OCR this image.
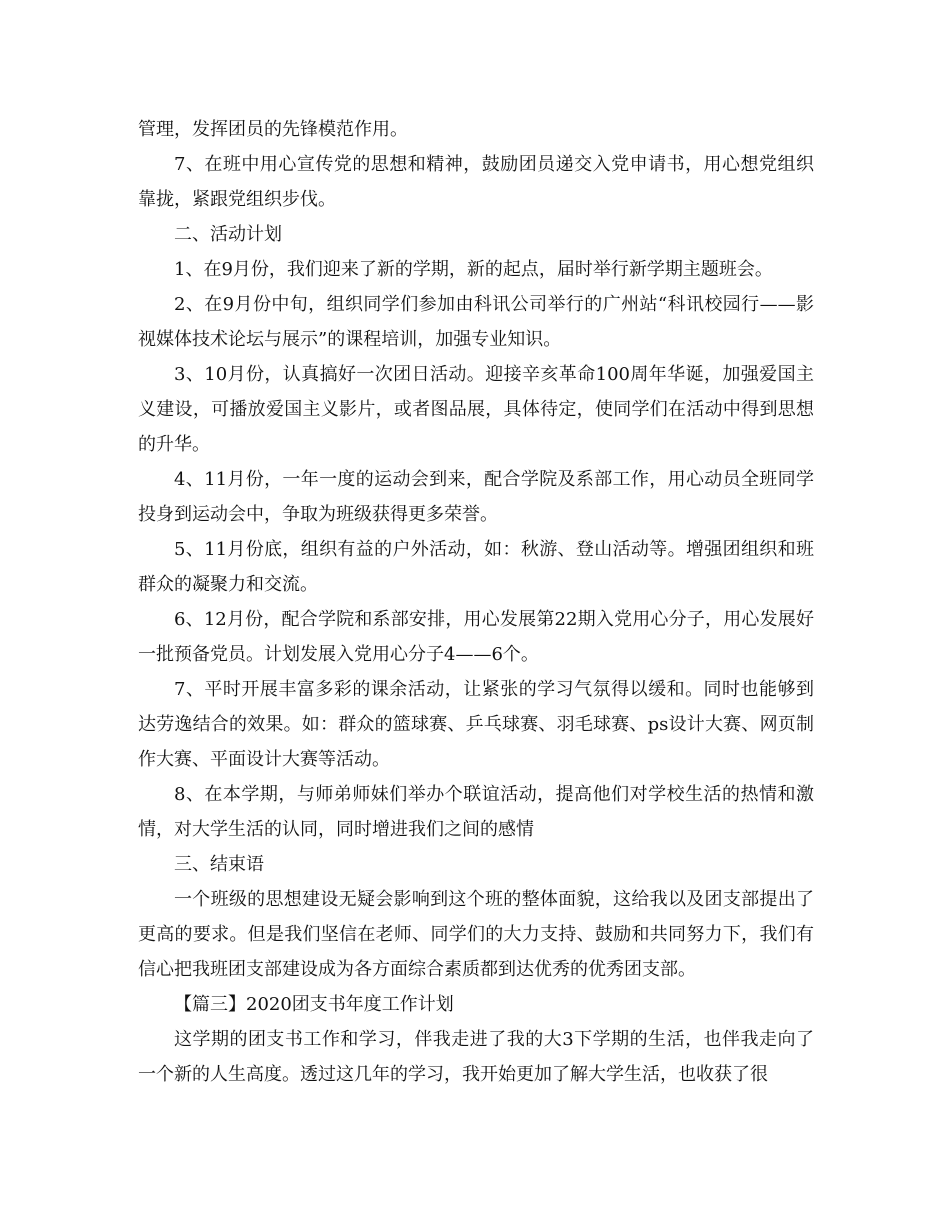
管理，发挥团员的先锋模范作用。

7、在班中用心宣传党的思想和精神，鼓励团员递交入党申请书，用心想党组织靠拢，紧跟党组织步伐。

二、活动计划

1、在9月份，我们迎来了新的学期，新的起点，届时举行新学期主题班会。

2、在9月份中旬，组织同学们参加由科讯公司举行的广州站“科讯校园行——影视媒体技术论坛与展示”的课程培训，加强专业知识。

3、10月份，认真搞好一次团日活动。迎接辛亥革命100周年华诞，加强爱国主义建设，可播放爱国主义影片，或者图品展，具体待定，使同学们在活动中得到思想的升华。

4、11月份，一年一度的运动会到来，配合学院及系部工作，用心动员全班同学投身到运动会中，争取为班级获得更多荣誉。

5、11月份底，组织有益的户外活动，如：秋游、登山活动等。增强团组织和班群众的凝聚力和交流。

6、12月份，配合学院和系部安排，用心发展第22期入党用心分子，用心发展好一批预备党员。计划发展入党用心分子4——6个。

7、平时开展丰富多彩的课余活动，让紧张的学习气氛得以缓和。同时也能够到达劳逸结合的效果。如：群众的篮球赛、乒乓球赛、羽毛球赛、ps设计大赛、网页制作大赛、平面设计大赛等活动。

8、在本学期，与师弟师妹们举办个联谊活动，提高他们对学校生活的热情和激情，对大学生活的认同，同时增进我们之间的感情

三、结束语

一个班级的思想建设无疑会影响到这个班的整体面貌，这给我以及团支部提出了更高的要求。但是我们坚信在老师、同学们的大力支持、鼓励和共同努力下，我们有信心把我班团支部建设成为各方面综合素质都到达优秀的优秀团支部。

【篇三】2020团支书年度工作计划

这学期的团支书工作和学习，伴我走进了我的大3下学期的生活，也伴我走向了一个新的人生高度。透过这几年的学习，我开始更加了解大学生活，也收获了很
